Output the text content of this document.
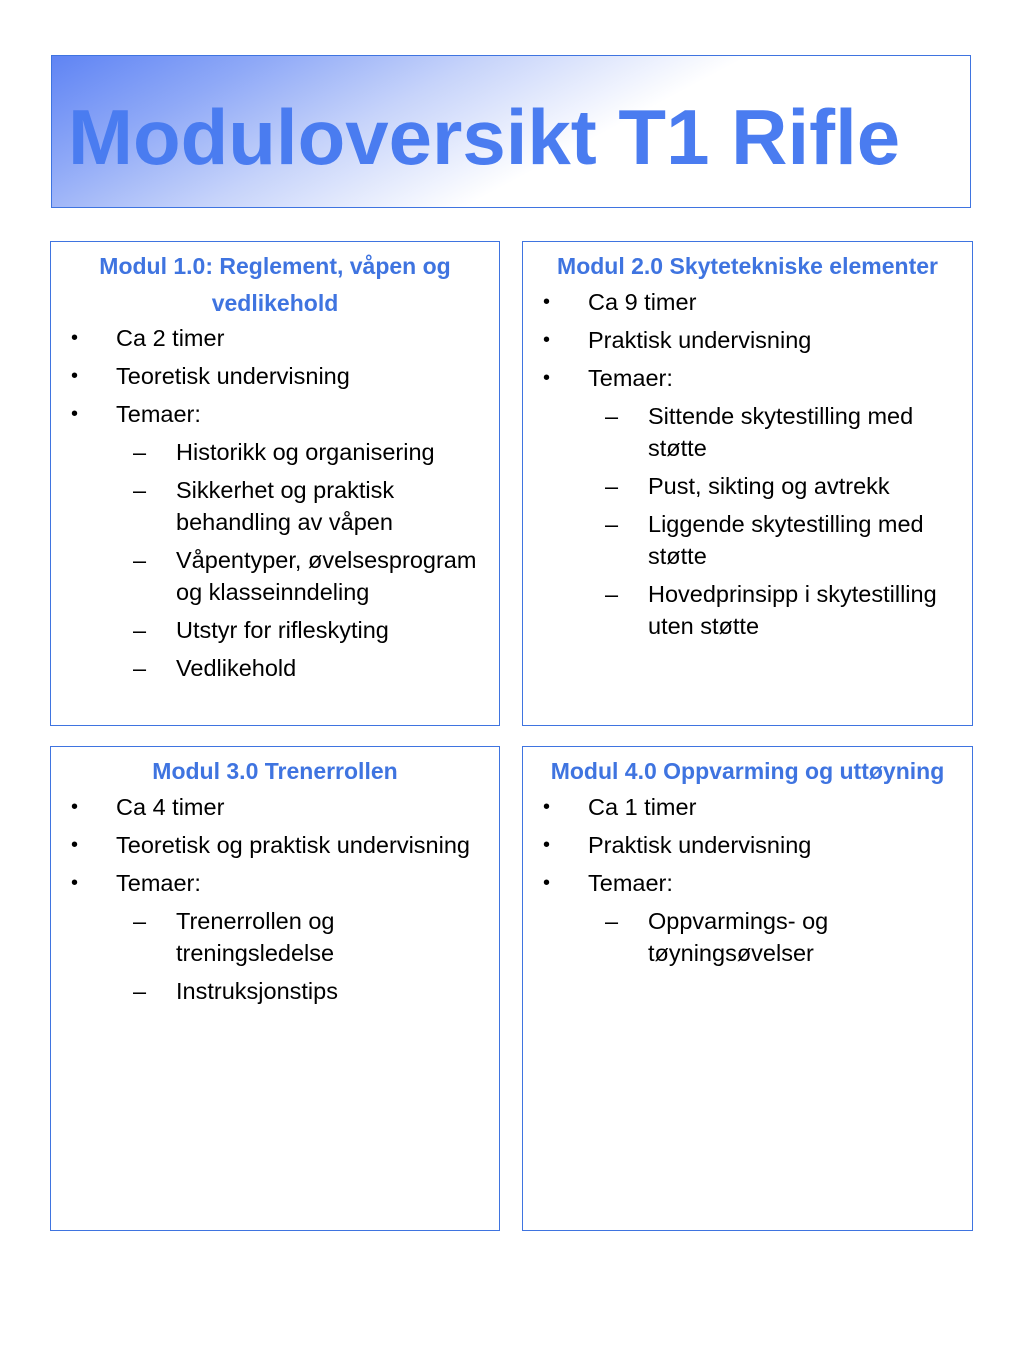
Moduloversikt T1 Rifle
Modul 1.0: Reglement, våpen og vedlikehold
• Ca 2 timer
• Teoretisk undervisning
• Temaer:
– Historikk og organisering
– Sikkerhet og praktisk behandling av våpen
– Våpentyper, øvelsesprogram og klasseinndeling
– Utstyr for rifleskyting
– Vedlikehold
Modul 2.0 Skytetekniske elementer
• Ca 9 timer
• Praktisk undervisning
• Temaer:
– Sittende skytestilling med støtte
– Pust, sikting og avtrekk
– Liggende skytestilling med støtte
– Hovedprinsipp i skytestilling uten støtte
Modul 3.0 Trenerrollen
• Ca 4 timer
• Teoretisk og praktisk undervisning
• Temaer:
– Trenerrollen og treningsledelse
– Instruksjonstips
Modul 4.0 Oppvarming og uttøyning
• Ca 1 timer
• Praktisk undervisning
• Temaer:
– Oppvarmings- og tøyningsøvelser
